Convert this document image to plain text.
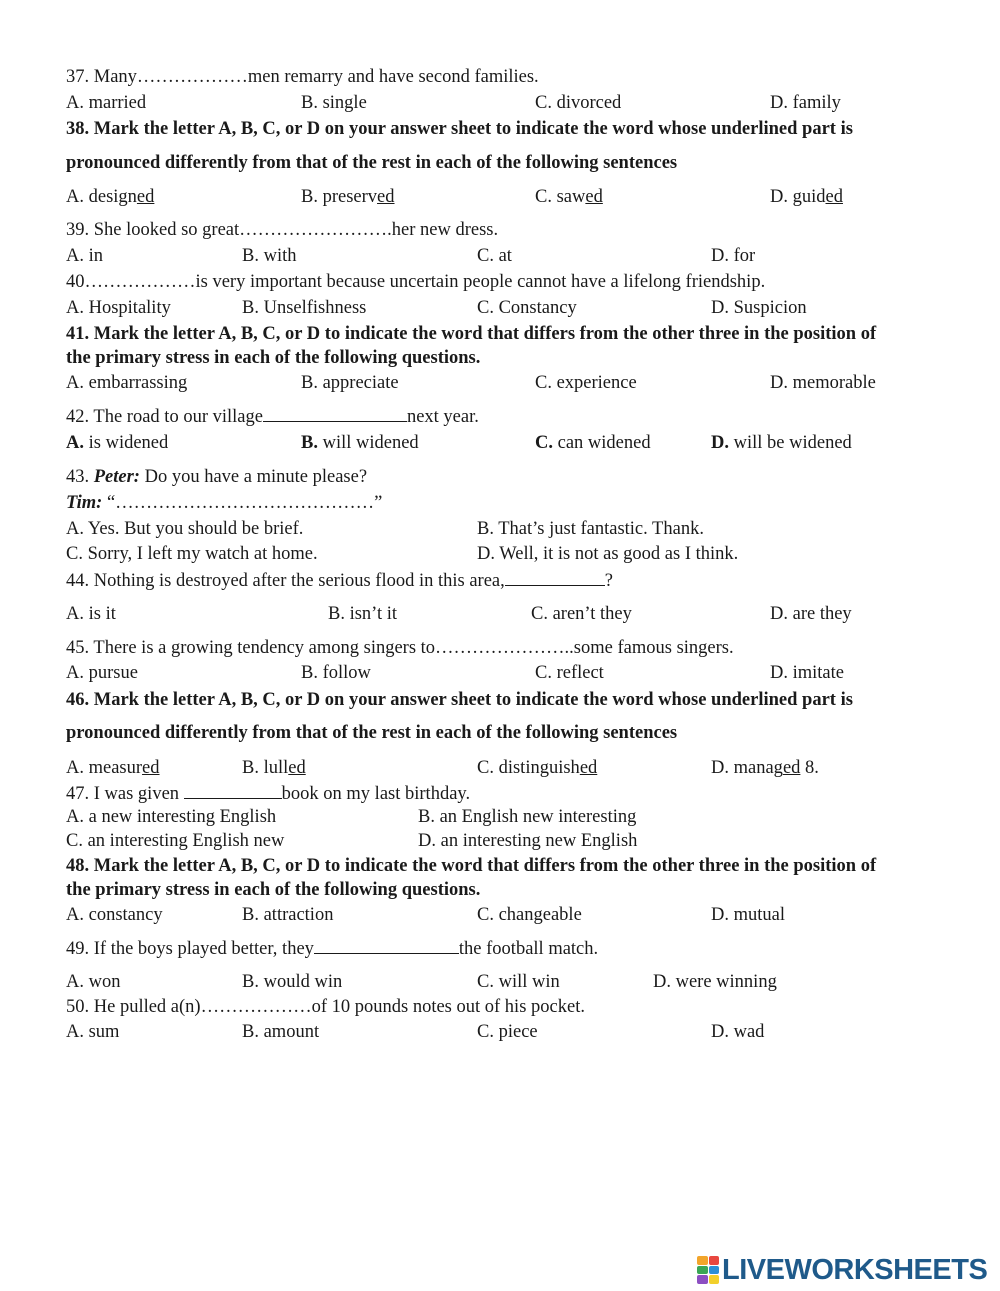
37. Many………………men remarry and have second families.
A. married	B. single	C. divorced	D. family
38. Mark the letter A, B, C, or D on your answer sheet to indicate the word whose underlined part is
pronounced differently from that of the rest in each of the following sentences
A. designed	B. preserved	C. sawed	D. guided
39. She looked so great…………………….her new dress.
A. in	B. with	C. at	D. for
40………………is very important because uncertain people cannot have a lifelong friendship.
A. Hospitality	B. Unselfishness	C. Constancy	D. Suspicion
41. Mark the letter A, B, C, or D to indicate the word that differs from the other three in the position of
the primary stress in each of the following questions.
A. embarrassing	B. appreciate	C. experience	D. memorable
42. The road to our village	next year.
A. is widened	B. will widened	C. can widened	D. will be widened
43. Peter: Do you have a minute please?
Tim: “……………………………………”
A. Yes. But you should be brief.	B. That’s just fantastic. Thank.
C. Sorry, I left my watch at home.	D. Well, it is not as good as I think.
44. Nothing is destroyed after the serious flood in this area,	?
A. is it	B. isn’t it	C. aren’t they	D. are they
45. There is a growing tendency among singers to…………………..some famous singers.
A. pursue	B. follow	C. reflect	D. imitate
46. Mark the letter A, B, C, or D on your answer sheet to indicate the word whose underlined part is
pronounced differently from that of the rest in each of the following sentences
A. measured	B. lulled	C. distinguished	D. managed 8.
47. I was given	book on my last birthday.
A. a new interesting English	B. an English new interesting
C. an interesting English new	D. an interesting new English
48. Mark the letter A, B, C, or D to indicate the word that differs from the other three in the position of
the primary stress in each of the following questions.
A. constancy	B. attraction	C. changeable	D. mutual
49. If the boys played better, they	the football match.
A. won	B. would win	C. will win	D. were winning
50. He pulled a(n)………………of 10 pounds notes out of his pocket.
A. sum	B. amount	C. piece	D. wad
LIVEWORKSHEETS
